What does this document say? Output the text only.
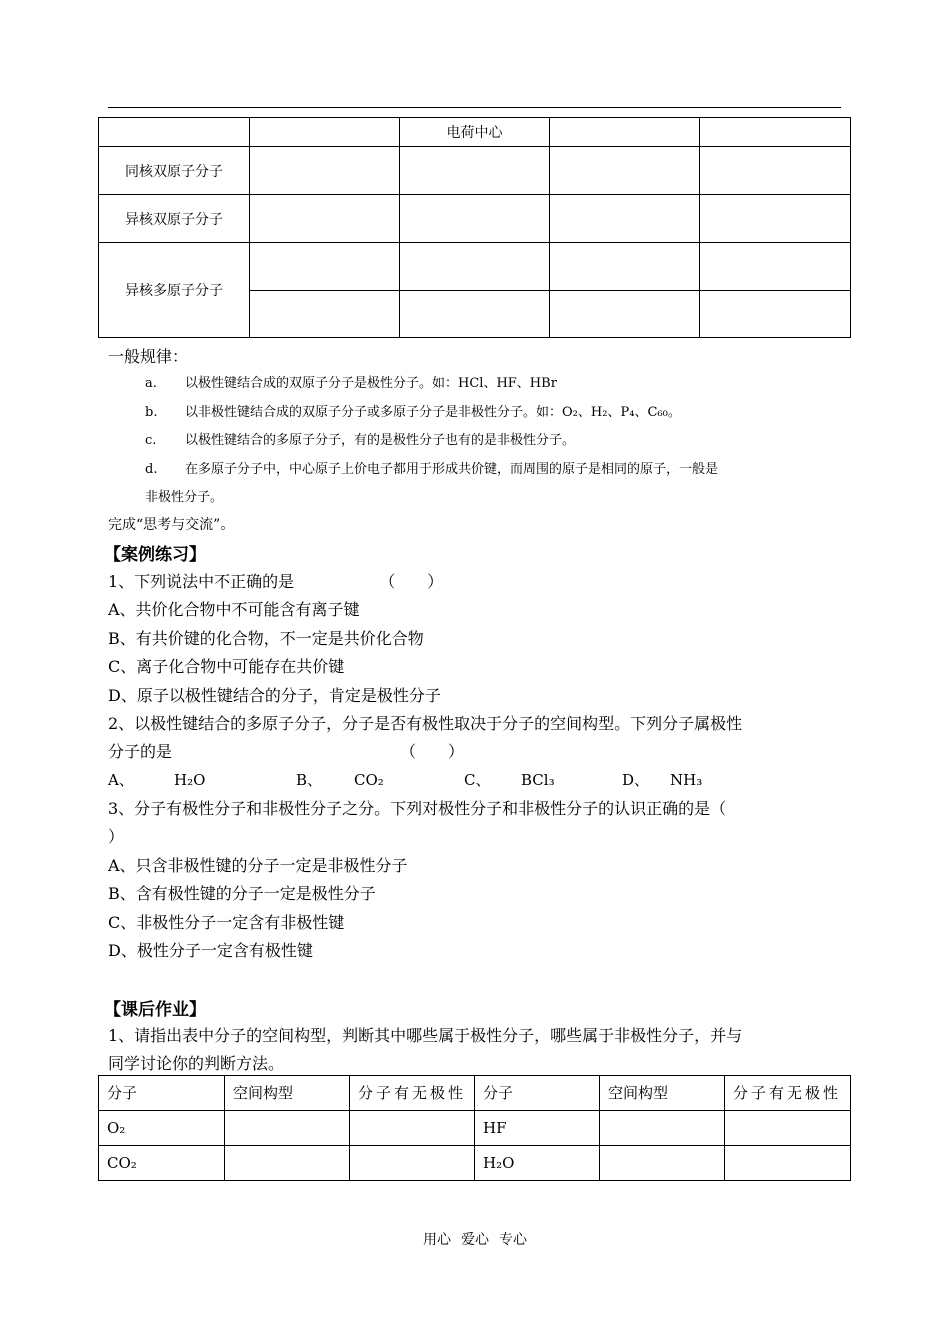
		电荷中心		
同核双原子分子				
异核双原子分子				
异核多原子分子				

一般规律：
a. 以极性键结合成的双原子分子是极性分子。如：HCl、HF、HBr
b. 以非极性键结合成的双原子分子或多原子分子是非极性分子。如：O₂、H₂、P₄、C₆₀。
c. 以极性键结合的多原子分子，有的是极性分子也有的是非极性分子。
d. 在多原子分子中，中心原子上价电子都用于形成共价键，而周围的原子是相同的原子，一般是
非极性分子。
完成“思考与交流”。
【案例练习】
1、下列说法中不正确的是	（　　）
A、共价化合物中不可能含有离子键
B、有共价键的化合物，不一定是共价化合物
C、离子化合物中可能存在共价键
D、原子以极性键结合的分子，肯定是极性分子
2、以极性键结合的多原子分子，分子是否有极性取决于分子的空间构型。下列分子属极性
分子的是	（　　）
A、	H₂O	B、 CO₂	C、 BCl₃	D、 NH₃
3、分子有极性分子和非极性分子之分。下列对极性分子和非极性分子的认识正确的是（
）
A、只含非极性键的分子一定是非极性分子
B、含有极性键的分子一定是极性分子
C、非极性分子一定含有非极性键
D、极性分子一定含有极性键
【课后作业】
1、请指出表中分子的空间构型，判断其中哪些属于极性分子，哪些属于非极性分子，并与
同学讨论你的判断方法。
分子	空间构型	分子有无极性	分子	空间构型	分子有无极性
O₂			HF		
CO₂			H₂O		
用心 爱心 专心
